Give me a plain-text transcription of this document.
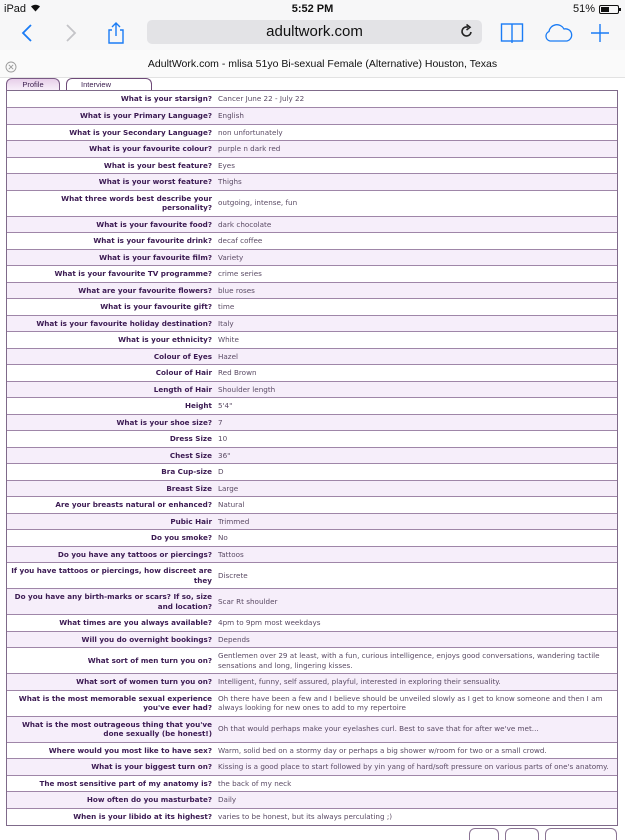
iPad	5:52 PM	51%
adultwork.com
AdultWork.com - mlisa 51yo Bi-sexual Female (Alternative) Houston, Texas
Profile	Interview
What is your starsign?	Cancer June 22 - July 22
What is your Primary Language?	English
What is your Secondary Language?	non unfortunately
What is your favourite colour?	purple n dark red
What is your best feature?	Eyes
What is your worst feature?	Thighs
What three words best describe your personality?	outgoing, intense, fun
What is your favourite food?	dark chocolate
What is your favourite drink?	decaf coffee
What is your favourite film?	Variety
What is your favourite TV programme?	crime series
What are your favourite flowers?	blue roses
What is your favourite gift?	time
What is your favourite holiday destination?	Italy
What is your ethnicity?	White
Colour of Eyes	Hazel
Colour of Hair	Red Brown
Length of Hair	Shoulder length
Height	5'4"
What is your shoe size?	7
Dress Size	10
Chest Size	36"
Bra Cup-size	D
Breast Size	Large
Are your breasts natural or enhanced?	Natural
Pubic Hair	Trimmed
Do you smoke?	No
Do you have any tattoos or piercings?	Tattoos
If you have tattoos or piercings, how discreet are they	Discrete
Do you have any birth-marks or scars? If so, size and location?	Scar Rt shoulder
What times are you always available?	4pm to 9pm most weekdays
Will you do overnight bookings?	Depends
What sort of men turn you on?	Gentlemen over 29 at least, with a fun, curious intelligence, enjoys good conversations, wandering tactile sensations and long, lingering kisses.
What sort of women turn you on?	Intelligent, funny, self assured, playful, interested in exploring their sensuality.
What is the most memorable sexual experience you've ever had?	Oh there have been a few and I believe should be unveiled slowly as I get to know someone and then I am always looking for new ones to add to my repertoire
What is the most outrageous thing that you've done sexually (be honest!)	Oh that would perhaps make your eyelashes curl. Best to save that for after we've met...
Where would you most like to have sex?	Warm, solid bed on a stormy day or perhaps a big shower w/room for two or a small crowd.
What is your biggest turn on?	Kissing is a good place to start followed by yin yang of hard/soft pressure on various parts of one's anatomy.
The most sensitive part of my anatomy is?	the back of my neck
How often do you masturbate?	Daily
When is your libido at its highest?	varies to be honest, but its always perculating ;)
